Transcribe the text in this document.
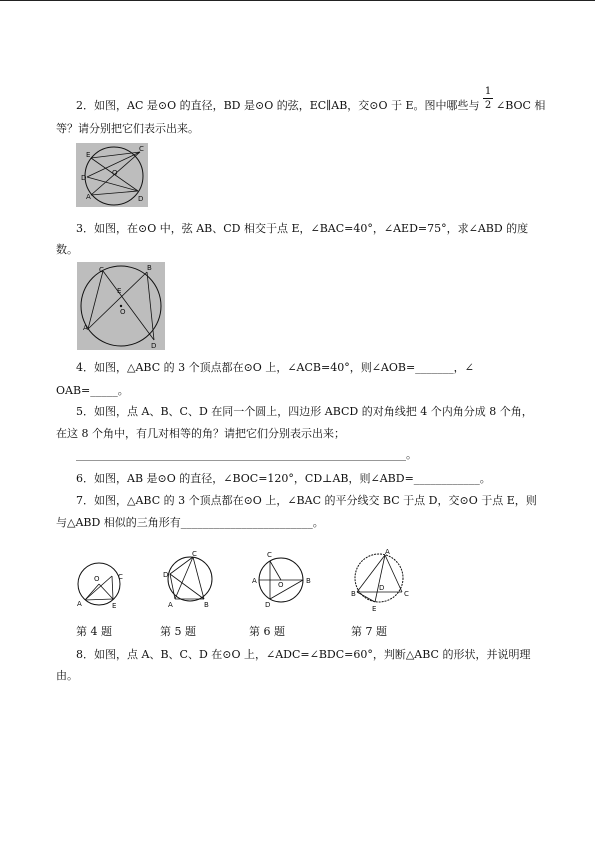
2．如图，AC 是⊙O 的直径，BD 是⊙O 的弦，EC∥AB，交⊙O 于 E。图中哪些与
1
2 ∠BOC 相
等？请分别把它们表示出来。
E
O
D
A
C
D
3．如图，在⊙O 中，弦 AB、CD 相交于点 E，∠BAC=40°，∠AED=75°，求∠ABD 的度
数。
C	B
E
O
A
D
4．如图，△ABC 的 3 个顶点都在⊙O 上，∠ACB=40°，则∠AOB=_______，∠
OAB=_____。
5．如图，点 A、B、C、D 在同一个圆上，四边形 ABCD 的对角线把 4 个内角分成 8 个角，
在这 8 个角中，有几对相等的角？请把它们分别表示出来；
____________________________________________________________。
6．如图，AB 是⊙O 的直径，∠BOC=120°，CD⊥AB，则∠ABD=____________。
7．如图，△ABC 的 3 个顶点都在⊙O 上，∠BAC 的平分线交 BC 于点 D，交⊙O 于点 E，则
与△ABD 相似的三角形有________________________。
O	C
A	E
C
D
A	B
C
A	O	B
D
A
B	C
D
E
第 4 题	第 5 题	第 6 题	第 7 题
8．如图，点 A、B、C、D 在⊙O 上，∠ADC=∠BDC=60°，判断△ABC 的形状，并说明理
由。
